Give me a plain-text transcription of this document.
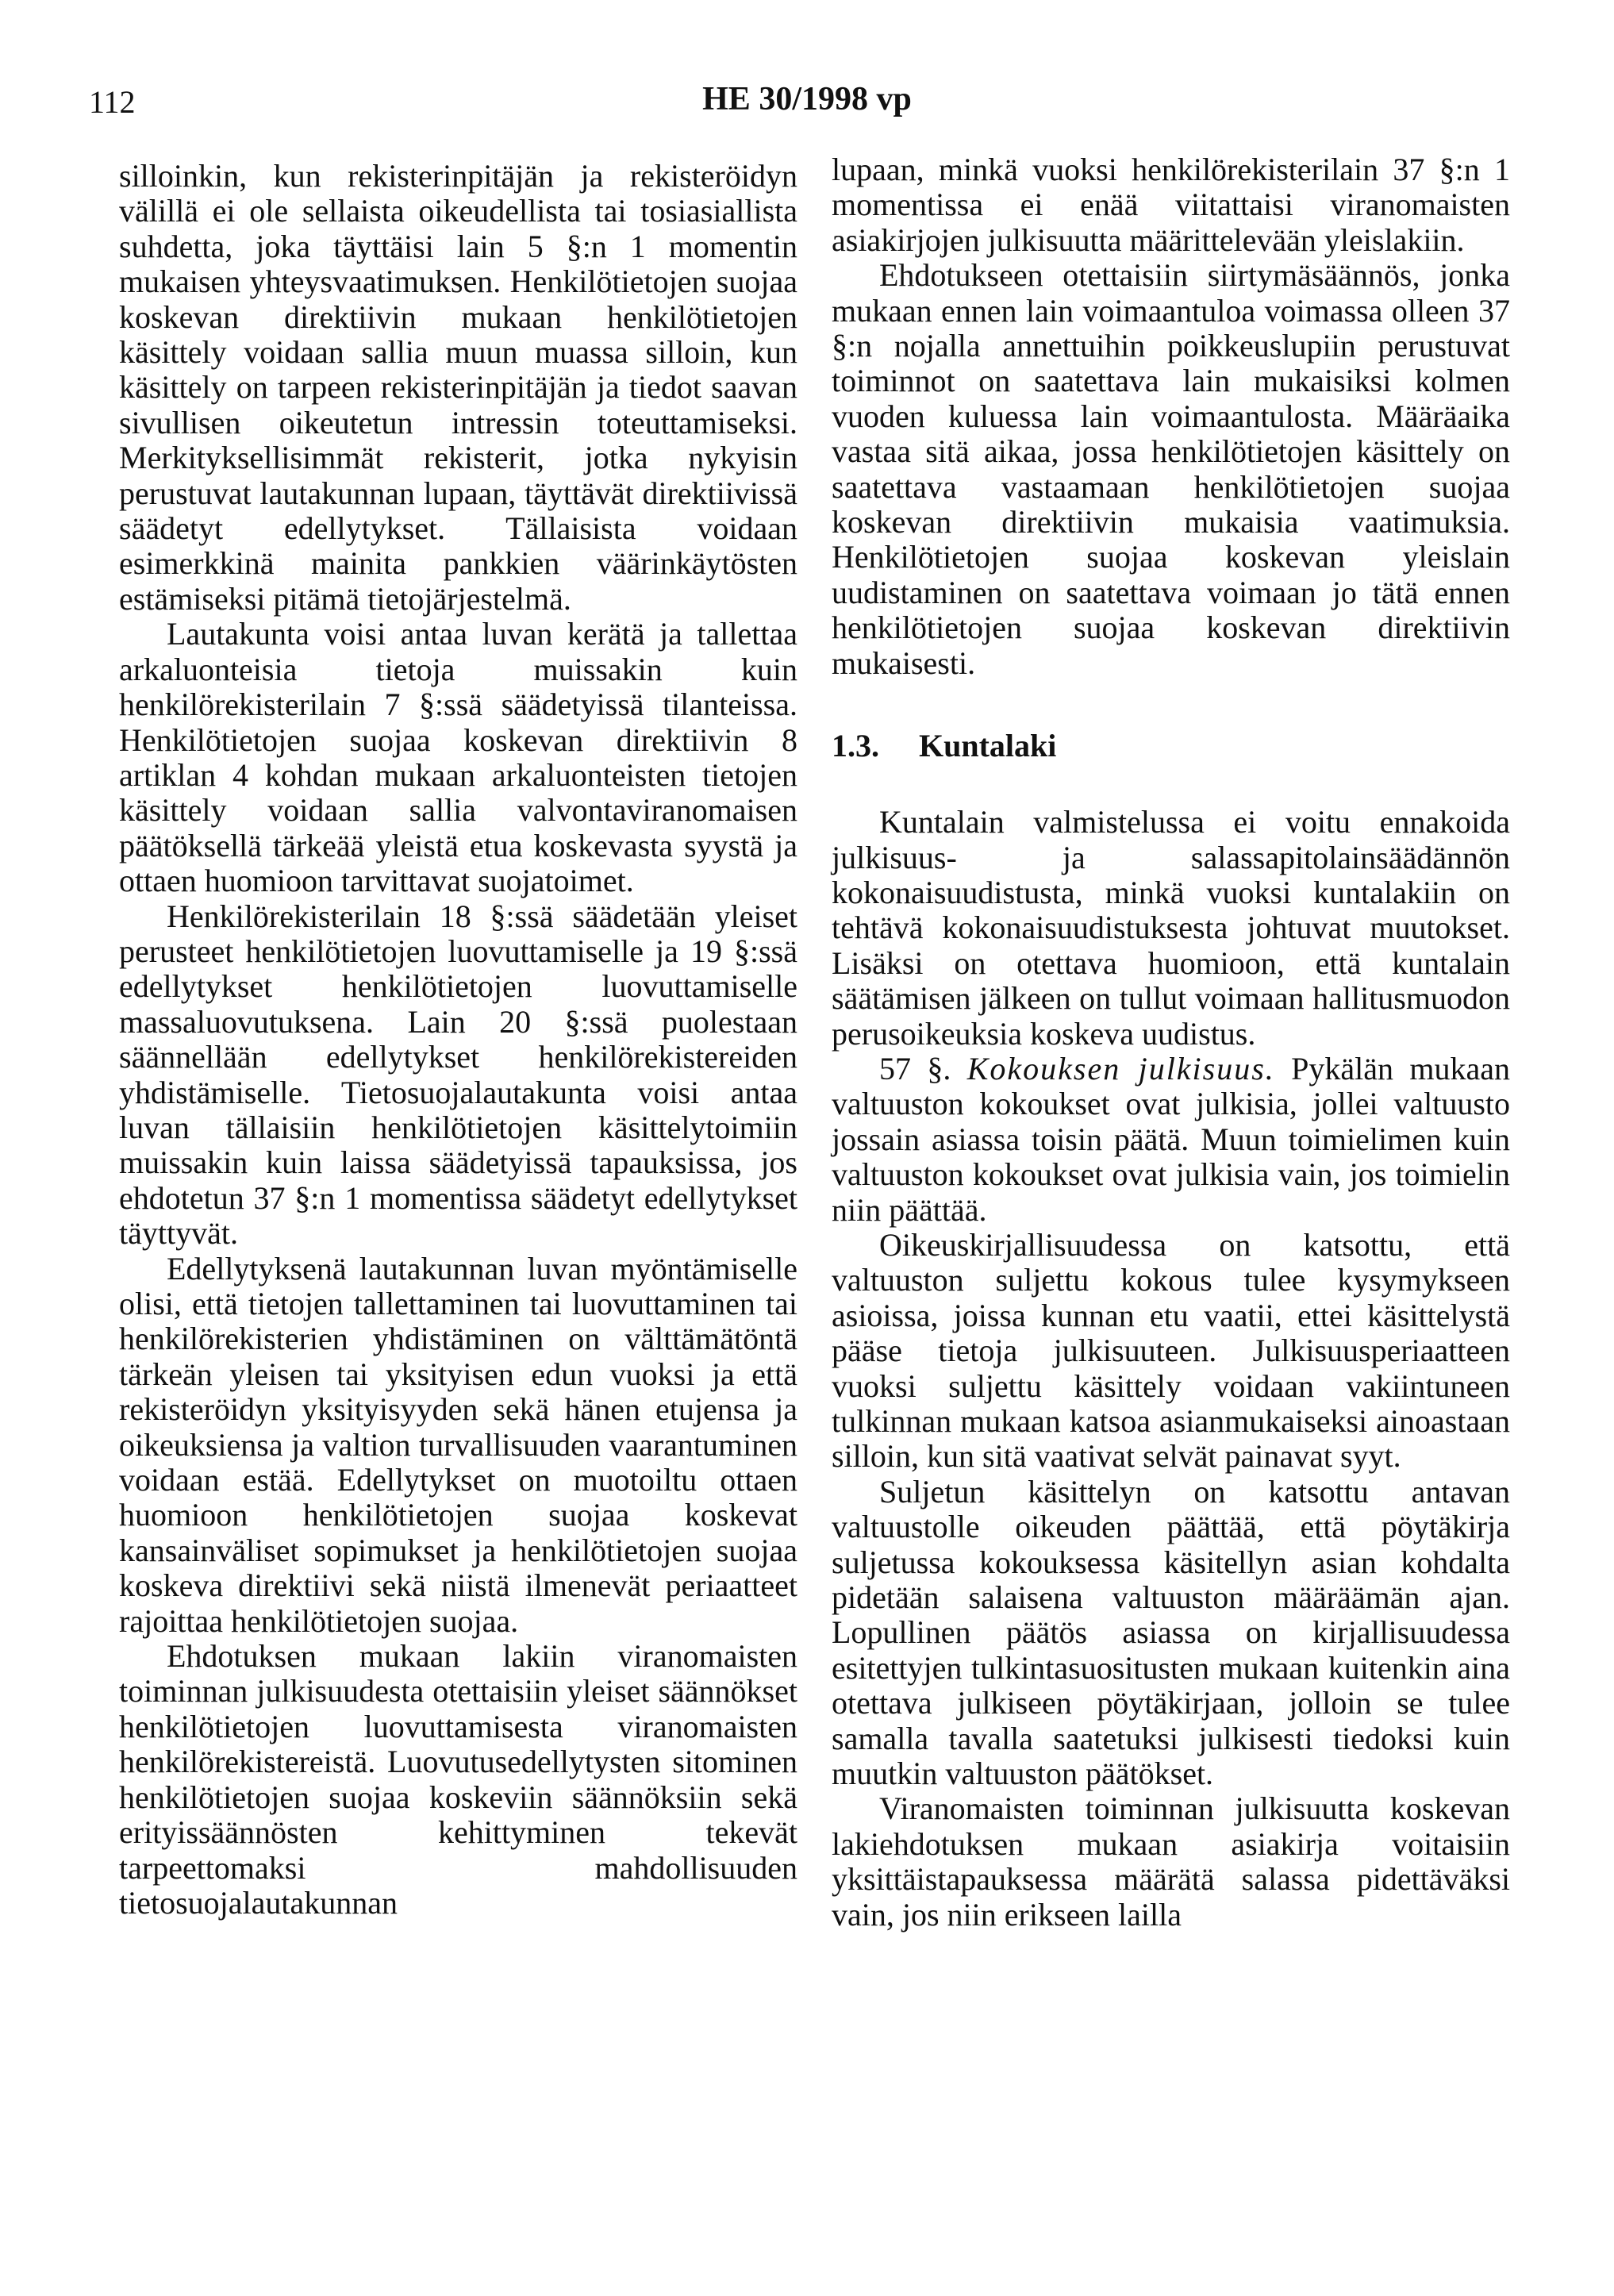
112	HE 30/1998 vp

silloinkin, kun rekisterinpitäjän ja rekisteröidyn välillä ei ole sellaista oikeudellista tai tosiasiallista suhdetta, joka täyttäisi lain 5 §:n 1 momentin mukaisen yhteysvaatimuksen. Henkilötietojen suojaa koskevan direktiivin mukaan henkilötietojen käsittely voidaan sallia muun muassa silloin, kun käsittely on tarpeen rekisterinpitäjän ja tiedot saavan sivullisen oikeutetun intressin toteuttamiseksi. Merkityksellisimmät rekisterit, jotka nykyisin perustuvat lautakunnan lupaan, täyttävät direktiivissä säädetyt edellytykset. Tällaisista voidaan esimerkkinä mainita pankkien väärinkäytösten estämiseksi pitämä tietojärjestelmä.

Lautakunta voisi antaa luvan kerätä ja tallettaa arkaluonteisia tietoja muissakin kuin henkilörekisterilain 7 §:ssä säädetyissä tilanteissa. Henkilötietojen suojaa koskevan direktiivin 8 artiklan 4 kohdan mukaan arkaluonteisten tietojen käsittely voidaan sallia valvontaviranomaisen päätöksellä tärkeää yleistä etua koskevasta syystä ja ottaen huomioon tarvittavat suojatoimet.

Henkilörekisterilain 18 §:ssä säädetään yleiset perusteet henkilötietojen luovuttamiselle ja 19 §:ssä edellytykset henkilötietojen luovuttamiselle massaluovutuksena. Lain 20 §:ssä puolestaan säännellään edellytykset henkilörekistereiden yhdistämiselle. Tietosuojalautakunta voisi antaa luvan tällaisiin henkilötietojen käsittelytoimiin muissakin kuin laissa säädetyissä tapauksissa, jos ehdotetun 37 §:n 1 momentissa säädetyt edellytykset täyttyvät.

Edellytyksenä lautakunnan luvan myöntämiselle olisi, että tietojen tallettaminen tai luovuttaminen tai henkilörekisterien yhdistäminen on välttämätöntä tärkeän yleisen tai yksityisen edun vuoksi ja että rekisteröidyn yksityisyyden sekä hänen etujensa ja oikeuksiensa ja valtion turvallisuuden vaarantuminen voidaan estää. Edellytykset on muotoiltu ottaen huomioon henkilötietojen suojaa koskevat kansainväliset sopimukset ja henkilötietojen suojaa koskeva direktiivi sekä niistä ilmenevät periaatteet rajoittaa henkilötietojen suojaa.

Ehdotuksen mukaan lakiin viranomaisten toiminnan julkisuudesta otettaisiin yleiset säännökset henkilötietojen luovuttamisesta viranomaisten henkilörekistereistä. Luovutusedellytysten sitominen henkilötietojen suojaa koskeviin säännöksiin sekä erityissäännösten kehittyminen tekevät tarpeettomaksi mahdollisuuden tietosuojalautakunnan

lupaan, minkä vuoksi henkilörekisterilain 37 §:n 1 momentissa ei enää viitattaisi viranomaisten asiakirjojen julkisuutta määrittelevään yleislakiin.

Ehdotukseen otettaisiin siirtymäsäännös, jonka mukaan ennen lain voimaantuloa voimassa olleen 37 §:n nojalla annettuihin poikkeuslupiin perustuvat toiminnot on saatettava lain mukaisiksi kolmen vuoden kuluessa lain voimaantulosta. Määräaika vastaa sitä aikaa, jossa henkilötietojen käsittely on saatettava vastaamaan henkilötietojen suojaa koskevan direktiivin mukaisia vaatimuksia. Henkilötietojen suojaa koskevan yleislain uudistaminen on saatettava voimaan jo tätä ennen henkilötietojen suojaa koskevan direktiivin mukaisesti.

1.3. Kuntalaki

Kuntalain valmistelussa ei voitu ennakoida julkisuus- ja salassapitolainsäädännön kokonaisuudistusta, minkä vuoksi kuntalakiin on tehtävä kokonaisuudistuksesta johtuvat muutokset. Lisäksi on otettava huomioon, että kuntalain säätämisen jälkeen on tullut voimaan hallitusmuodon perusoikeuksia koskeva uudistus.

57 §. Kokouksen julkisuus. Pykälän mukaan valtuuston kokoukset ovat julkisia, jollei valtuusto jossain asiassa toisin päätä. Muun toimielimen kuin valtuuston kokoukset ovat julkisia vain, jos toimielin niin päättää.

Oikeuskirjallisuudessa on katsottu, että valtuuston suljettu kokous tulee kysymykseen asioissa, joissa kunnan etu vaatii, ettei käsittelystä pääse tietoja julkisuuteen. Julkisuusperiaatteen vuoksi suljettu käsittely voidaan vakiintuneen tulkinnan mukaan katsoa asianmukaiseksi ainoastaan silloin, kun sitä vaativat selvät painavat syyt.

Suljetun käsittelyn on katsottu antavan valtuustolle oikeuden päättää, että pöytäkirja suljetussa kokouksessa käsitellyn asian kohdalta pidetään salaisena valtuuston määräämän ajan. Lopullinen päätös asiassa on kirjallisuudessa esitettyjen tulkintasuositusten mukaan kuitenkin aina otettava julkiseen pöytäkirjaan, jolloin se tulee samalla tavalla saatetuksi julkisesti tiedoksi kuin muutkin valtuuston päätökset.

Viranomaisten toiminnan julkisuutta koskevan lakiehdotuksen mukaan asiakirja voitaisiin yksittäistapauksessa määrätä salassa pidettäväksi vain, jos niin erikseen lailla
